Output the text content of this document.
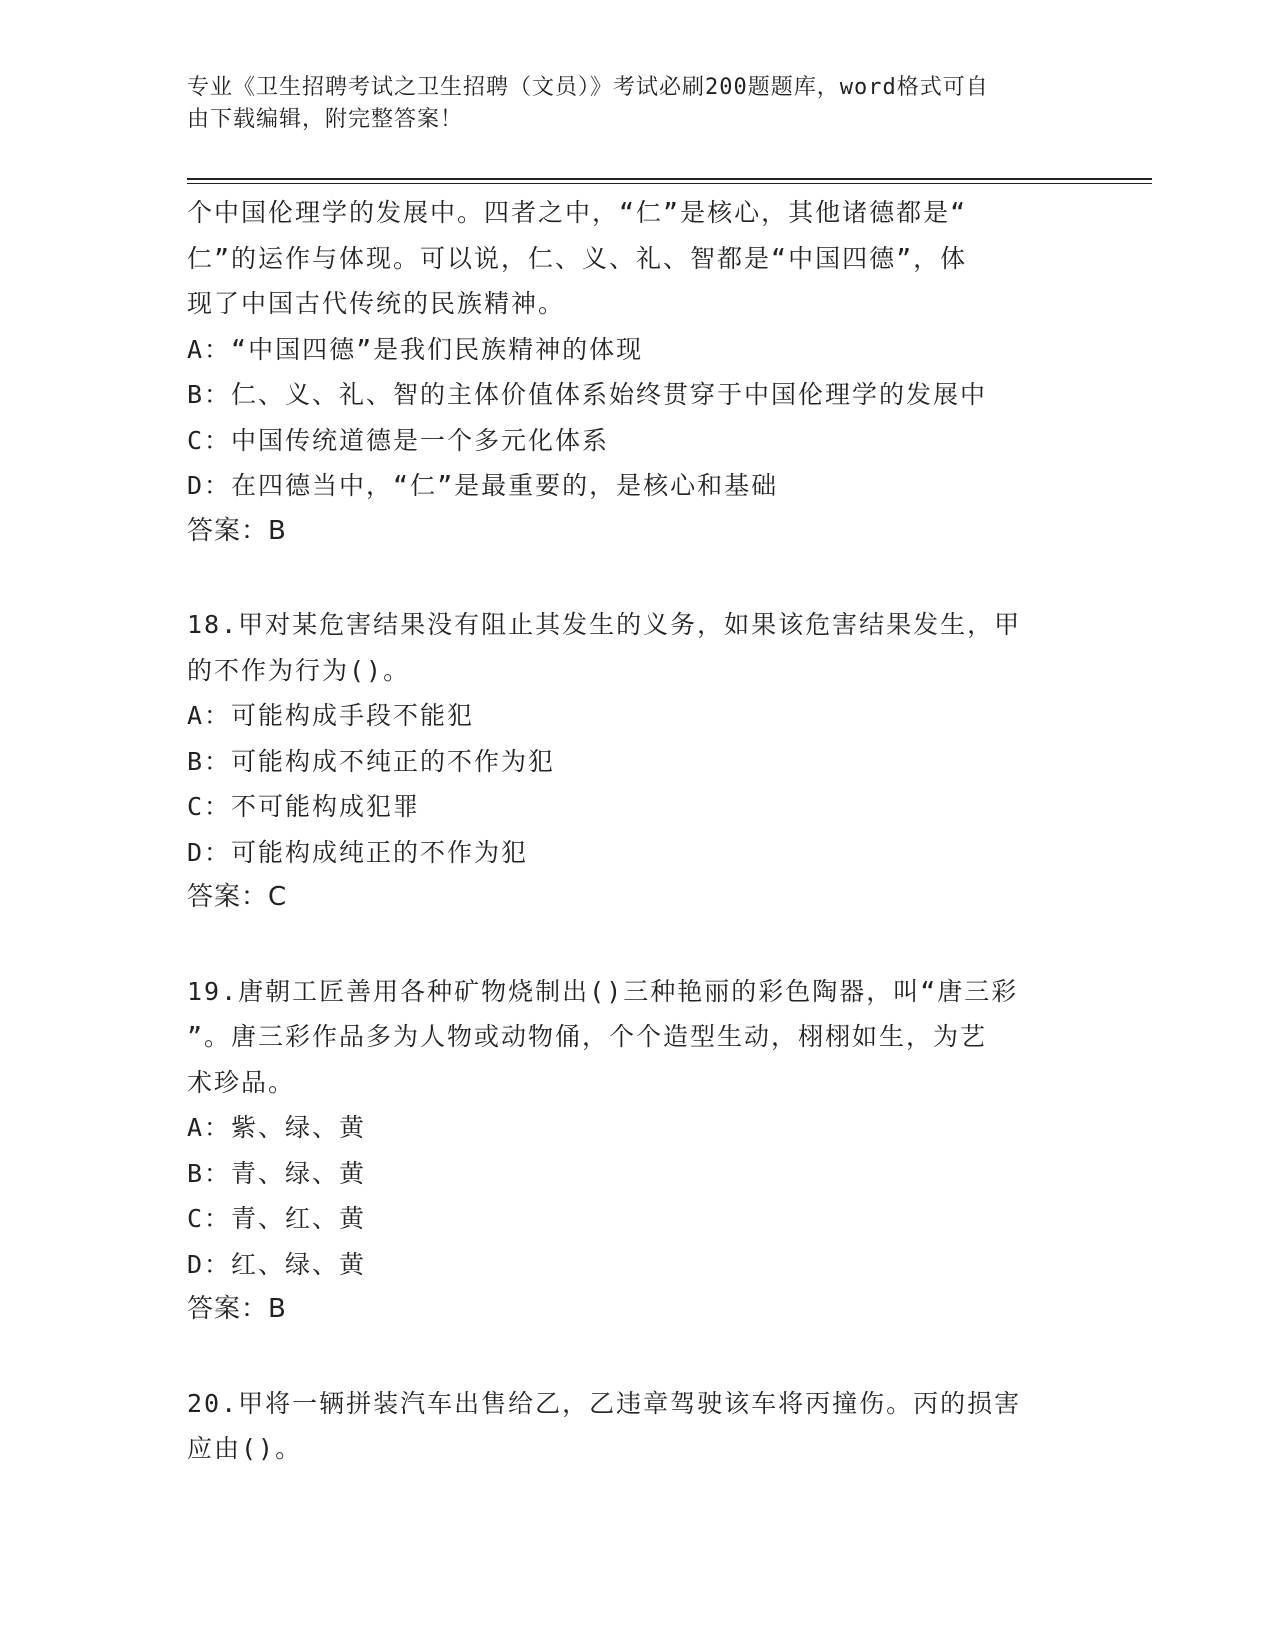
专业《卫生招聘考试之卫生招聘（文员）》考试必刷200题题库，word格式可自
由下载编辑，附完整答案！
个中国伦理学的发展中。四者之中，“仁”是核心，其他诸德都是“
仁”的运作与体现。可以说，仁、义、礼、智都是“中国四德”，体
现了中国古代传统的民族精神。
A：“中国四德”是我们民族精神的体现
B：仁、义、礼、智的主体价值体系始终贯穿于中国伦理学的发展中
C：中国传统道德是一个多元化体系
D：在四德当中，“仁”是最重要的，是核心和基础
答案：B
18.甲对某危害结果没有阻止其发生的义务，如果该危害结果发生，甲
的不作为行为()。
A：可能构成手段不能犯
B：可能构成不纯正的不作为犯
C：不可能构成犯罪
D：可能构成纯正的不作为犯
答案：C
19.唐朝工匠善用各种矿物烧制出()三种艳丽的彩色陶器，叫“唐三彩
”。唐三彩作品多为人物或动物俑，个个造型生动，栩栩如生，为艺
术珍品。
A：紫、绿、黄
B：青、绿、黄
C：青、红、黄
D：红、绿、黄
答案：B
20.甲将一辆拼装汽车出售给乙，乙违章驾驶该车将丙撞伤。丙的损害
应由()。
